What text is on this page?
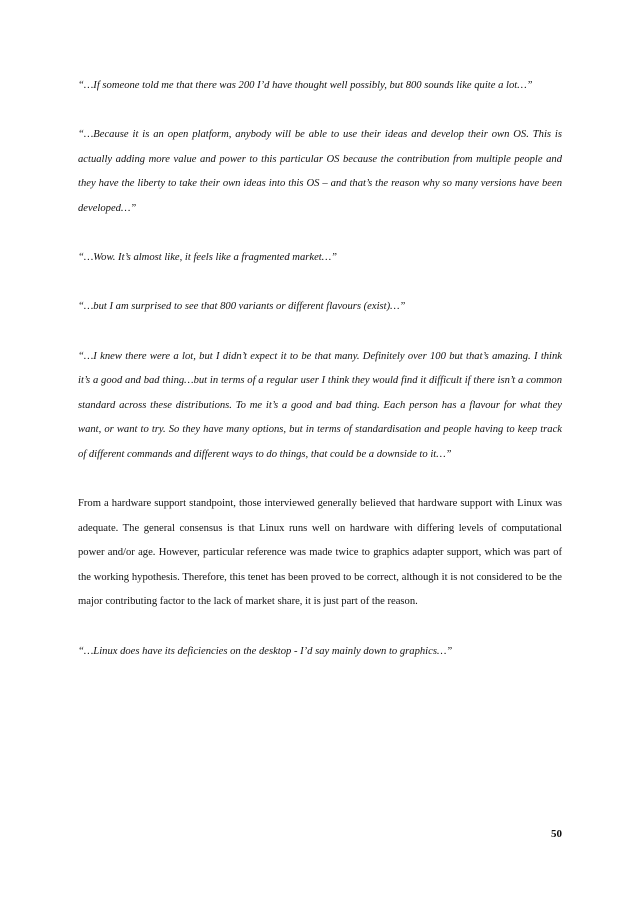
“…If someone told me that there was 200 I’d have thought well possibly, but 800 sounds like quite a lot…”

“…Because it is an open platform, anybody will be able to use their ideas and develop their own OS. This is actually adding more value and power to this particular OS because the contribution from multiple people and they have the liberty to take their own ideas into this OS – and that’s the reason why so many versions have been developed…”

“…Wow. It’s almost like, it feels like a fragmented market…”

“…but I am surprised to see that 800 variants or different flavours (exist)…”

“…I knew there were a lot, but I didn’t expect it to be that many. Definitely over 100 but that’s amazing. I think it’s a good and bad thing…but in terms of a regular user I think they would find it difficult if there isn’t a common standard across these distributions. To me it’s a good and bad thing. Each person has a flavour for what they want, or want to try. So they have many options, but in terms of standardisation and people having to keep track of different commands and different ways to do things, that could be a downside to it…”

From a hardware support standpoint, those interviewed generally believed that hardware support with Linux was adequate. The general consensus is that Linux runs well on hardware with differing levels of computational power and/or age. However, particular reference was made twice to graphics adapter support, which was part of the working hypothesis. Therefore, this tenet has been proved to be correct, although it is not considered to be the major contributing factor to the lack of market share, it is just part of the reason.

“…Linux does have its deficiencies on the desktop - I’d say mainly down to graphics…”

50
